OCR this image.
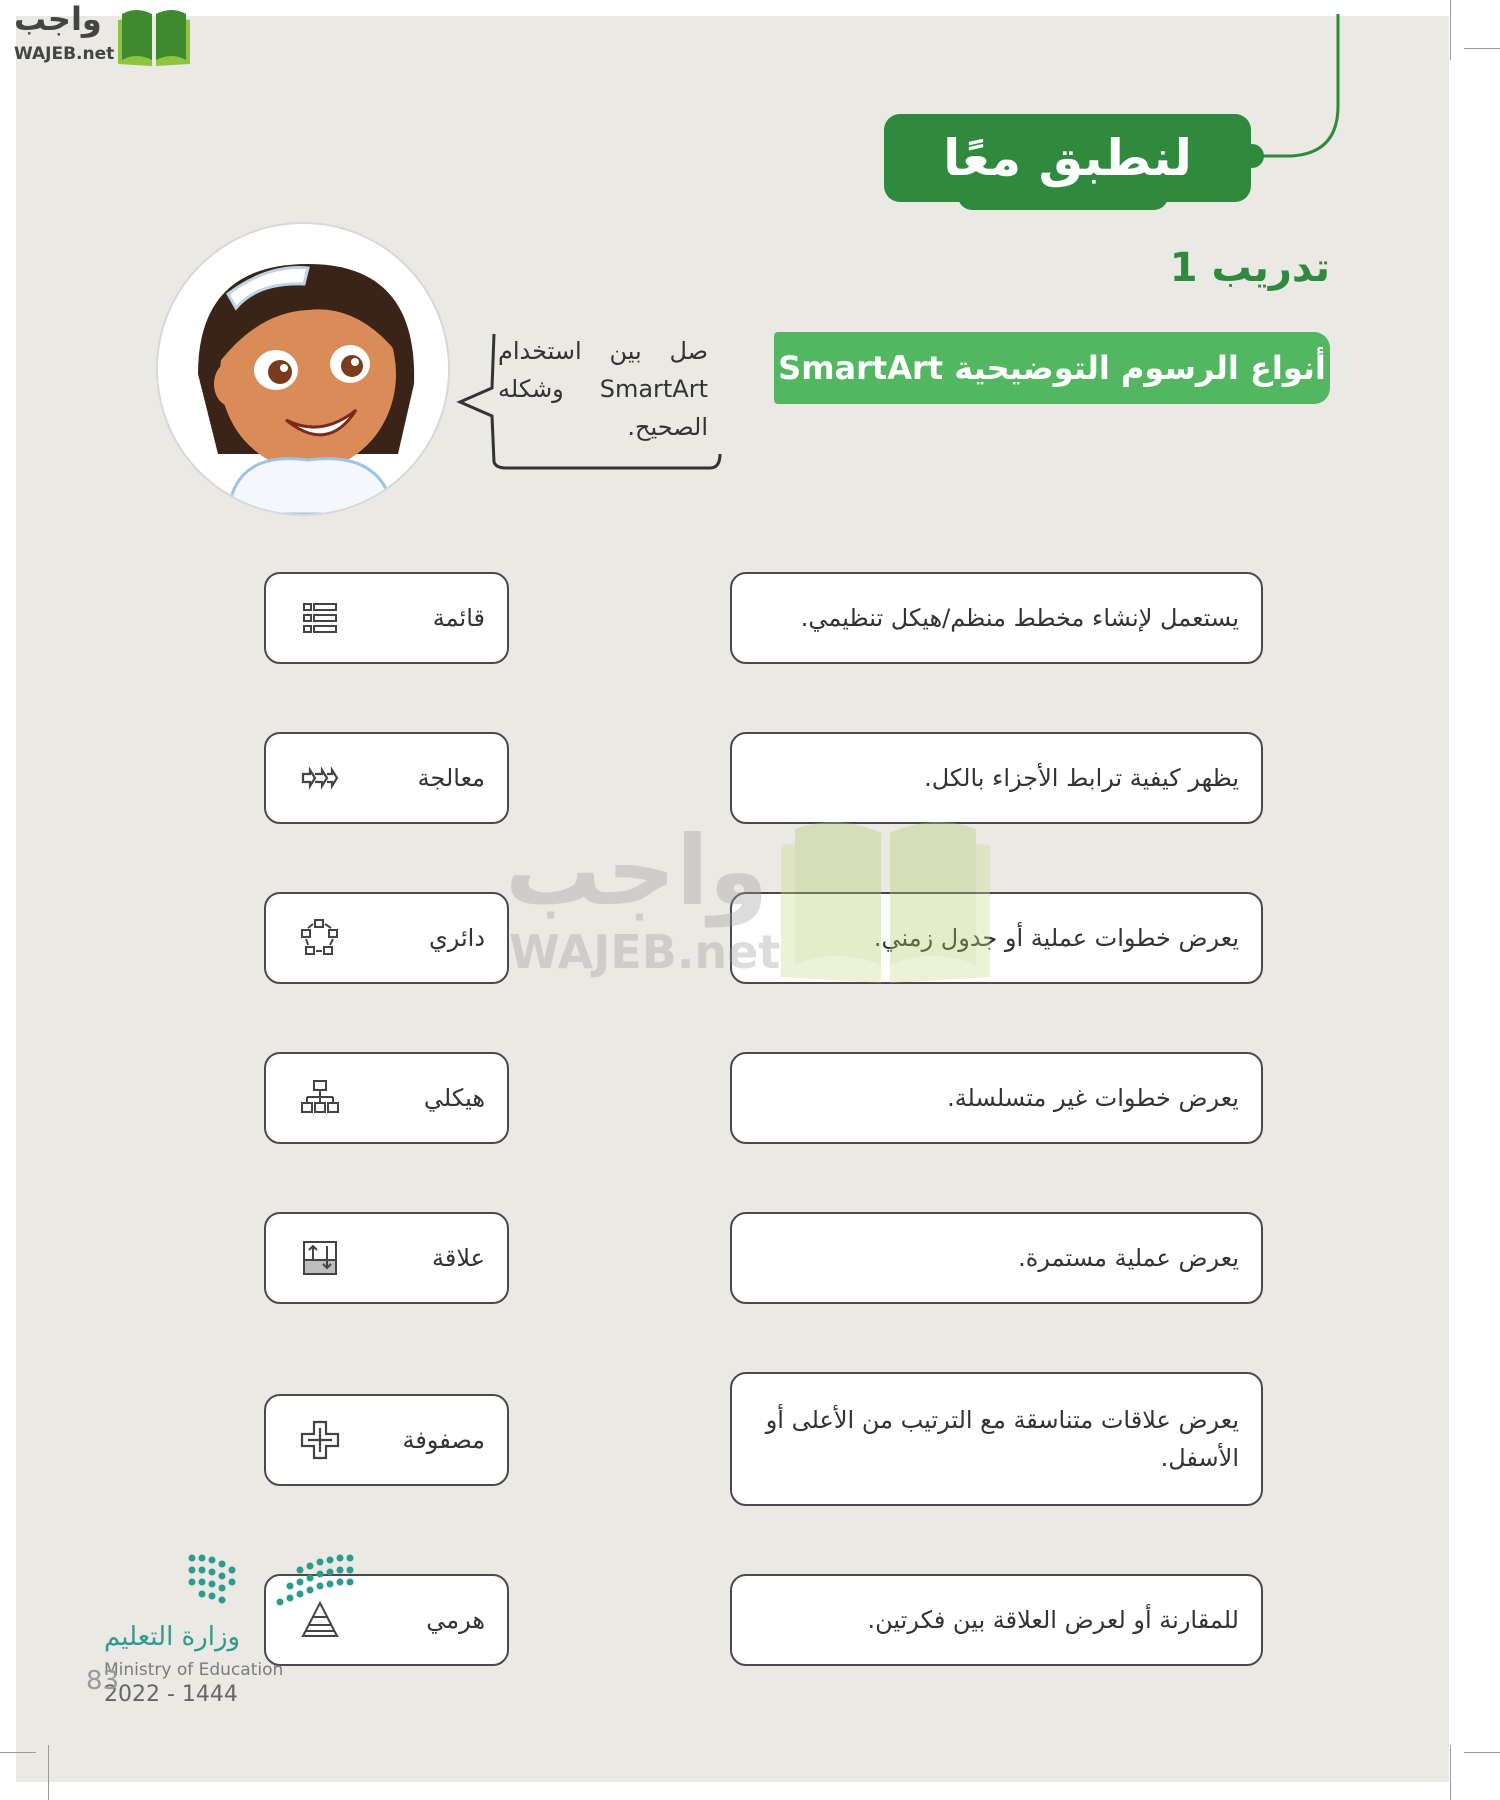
واجب
WAJEB.net
لنطبق معًا
تدريب 1
أنواع الرسوم التوضيحية SmartArt
صل بين استخدام SmartArt وشكله الصحيح.
يستعمل لإنشاء مخطط منظم/هيكل تنظيمي.
يظهر كيفية ترابط الأجزاء بالكل.
يعرض خطوات عملية أو جدول زمني.
يعرض خطوات غير متسلسلة.
يعرض عملية مستمرة.
يعرض علاقات متناسقة مع الترتيب من الأعلى أو الأسفل.
للمقارنة أو لعرض العلاقة بين فكرتين.
قائمة
معالجة
دائري
هيكلي
علاقة
مصفوفة
هرمي
واجب
WAJEB.net
وزارة التعليم
Ministry of Education
2022 - 1444
83
